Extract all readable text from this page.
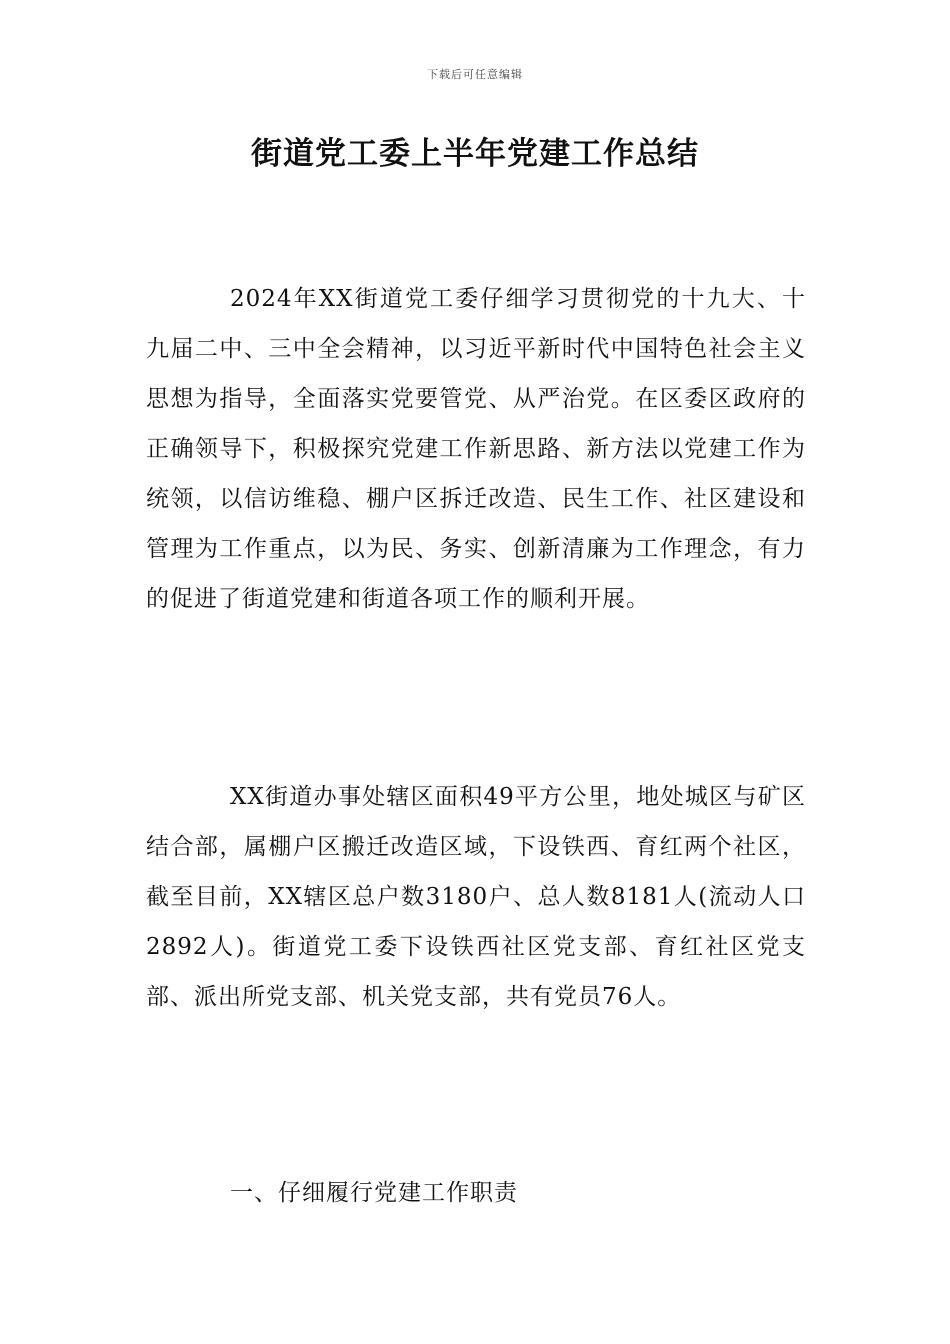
下载后可任意编辑
街道党工委上半年党建工作总结

2024年XX街道党工委仔细学习贯彻党的十九大、十九届二中、三中全会精神，以习近平新时代中国特色社会主义思想为指导，全面落实党要管党、从严治党。在区委区政府的正确领导下，积极探究党建工作新思路、新方法以党建工作为统领，以信访维稳、棚户区拆迁改造、民生工作、社区建设和管理为工作重点，以为民、务实、创新清廉为工作理念，有力的促进了街道党建和街道各项工作的顺利开展。

XX街道办事处辖区面积49平方公里，地处城区与矿区结合部，属棚户区搬迁改造区域，下设铁西、育红两个社区，截至目前，XX辖区总户数3180户、总人数8181人(流动人口2892人)。街道党工委下设铁西社区党支部、育红社区党支部、派出所党支部、机关党支部，共有党员76人。

一、仔细履行党建工作职责
